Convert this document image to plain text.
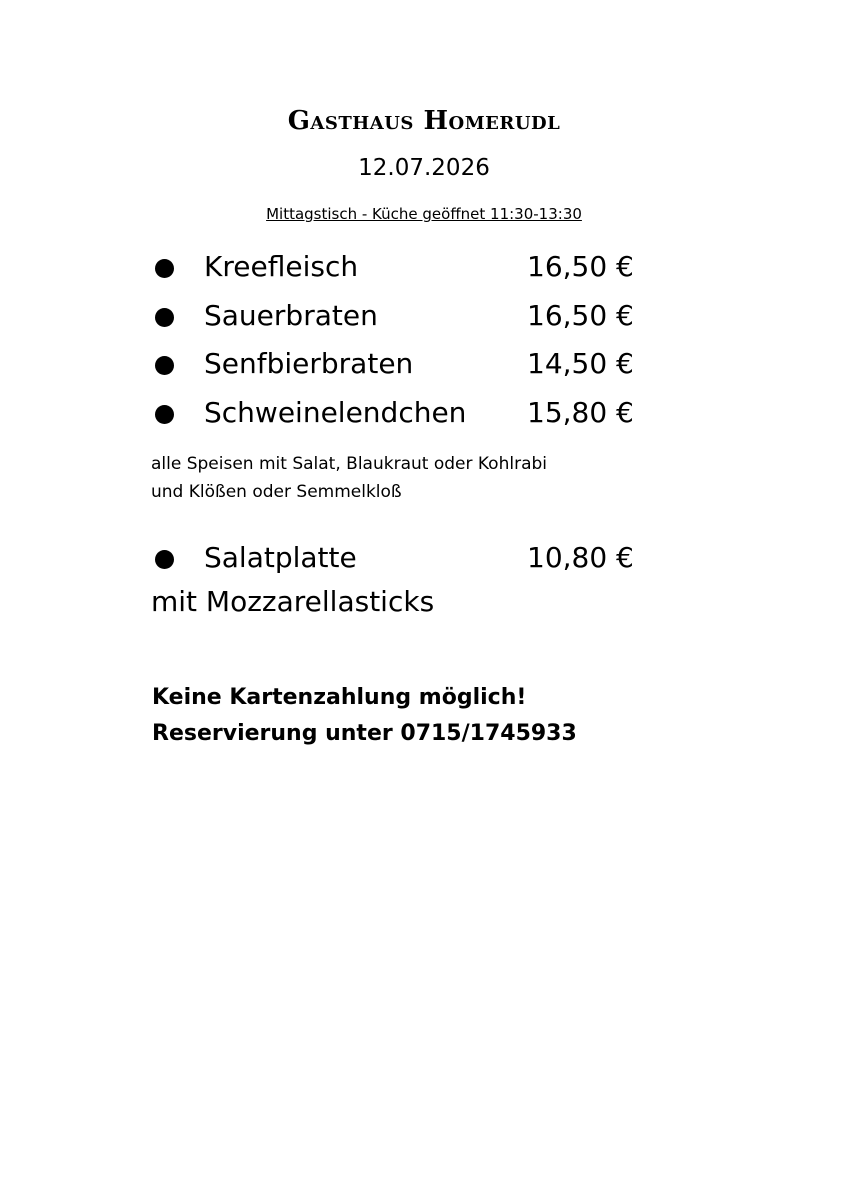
Gasthaus Homerudl
12.07.2026
Mittagstisch - Küche geöffnet 11:30-13:30
Kreefleisch	16,50 €
Sauerbraten	16,50 €
Senfbierbraten	14,50 €
Schweinelendchen 15,80 €
alle Speisen mit Salat, Blaukraut oder Kohlrabi
und Klößen oder Semmelkloß
Salatplatte	10,80 €
mit Mozzarellasticks
Keine Kartenzahlung möglich!
Reservierung unter 0715/1745933
